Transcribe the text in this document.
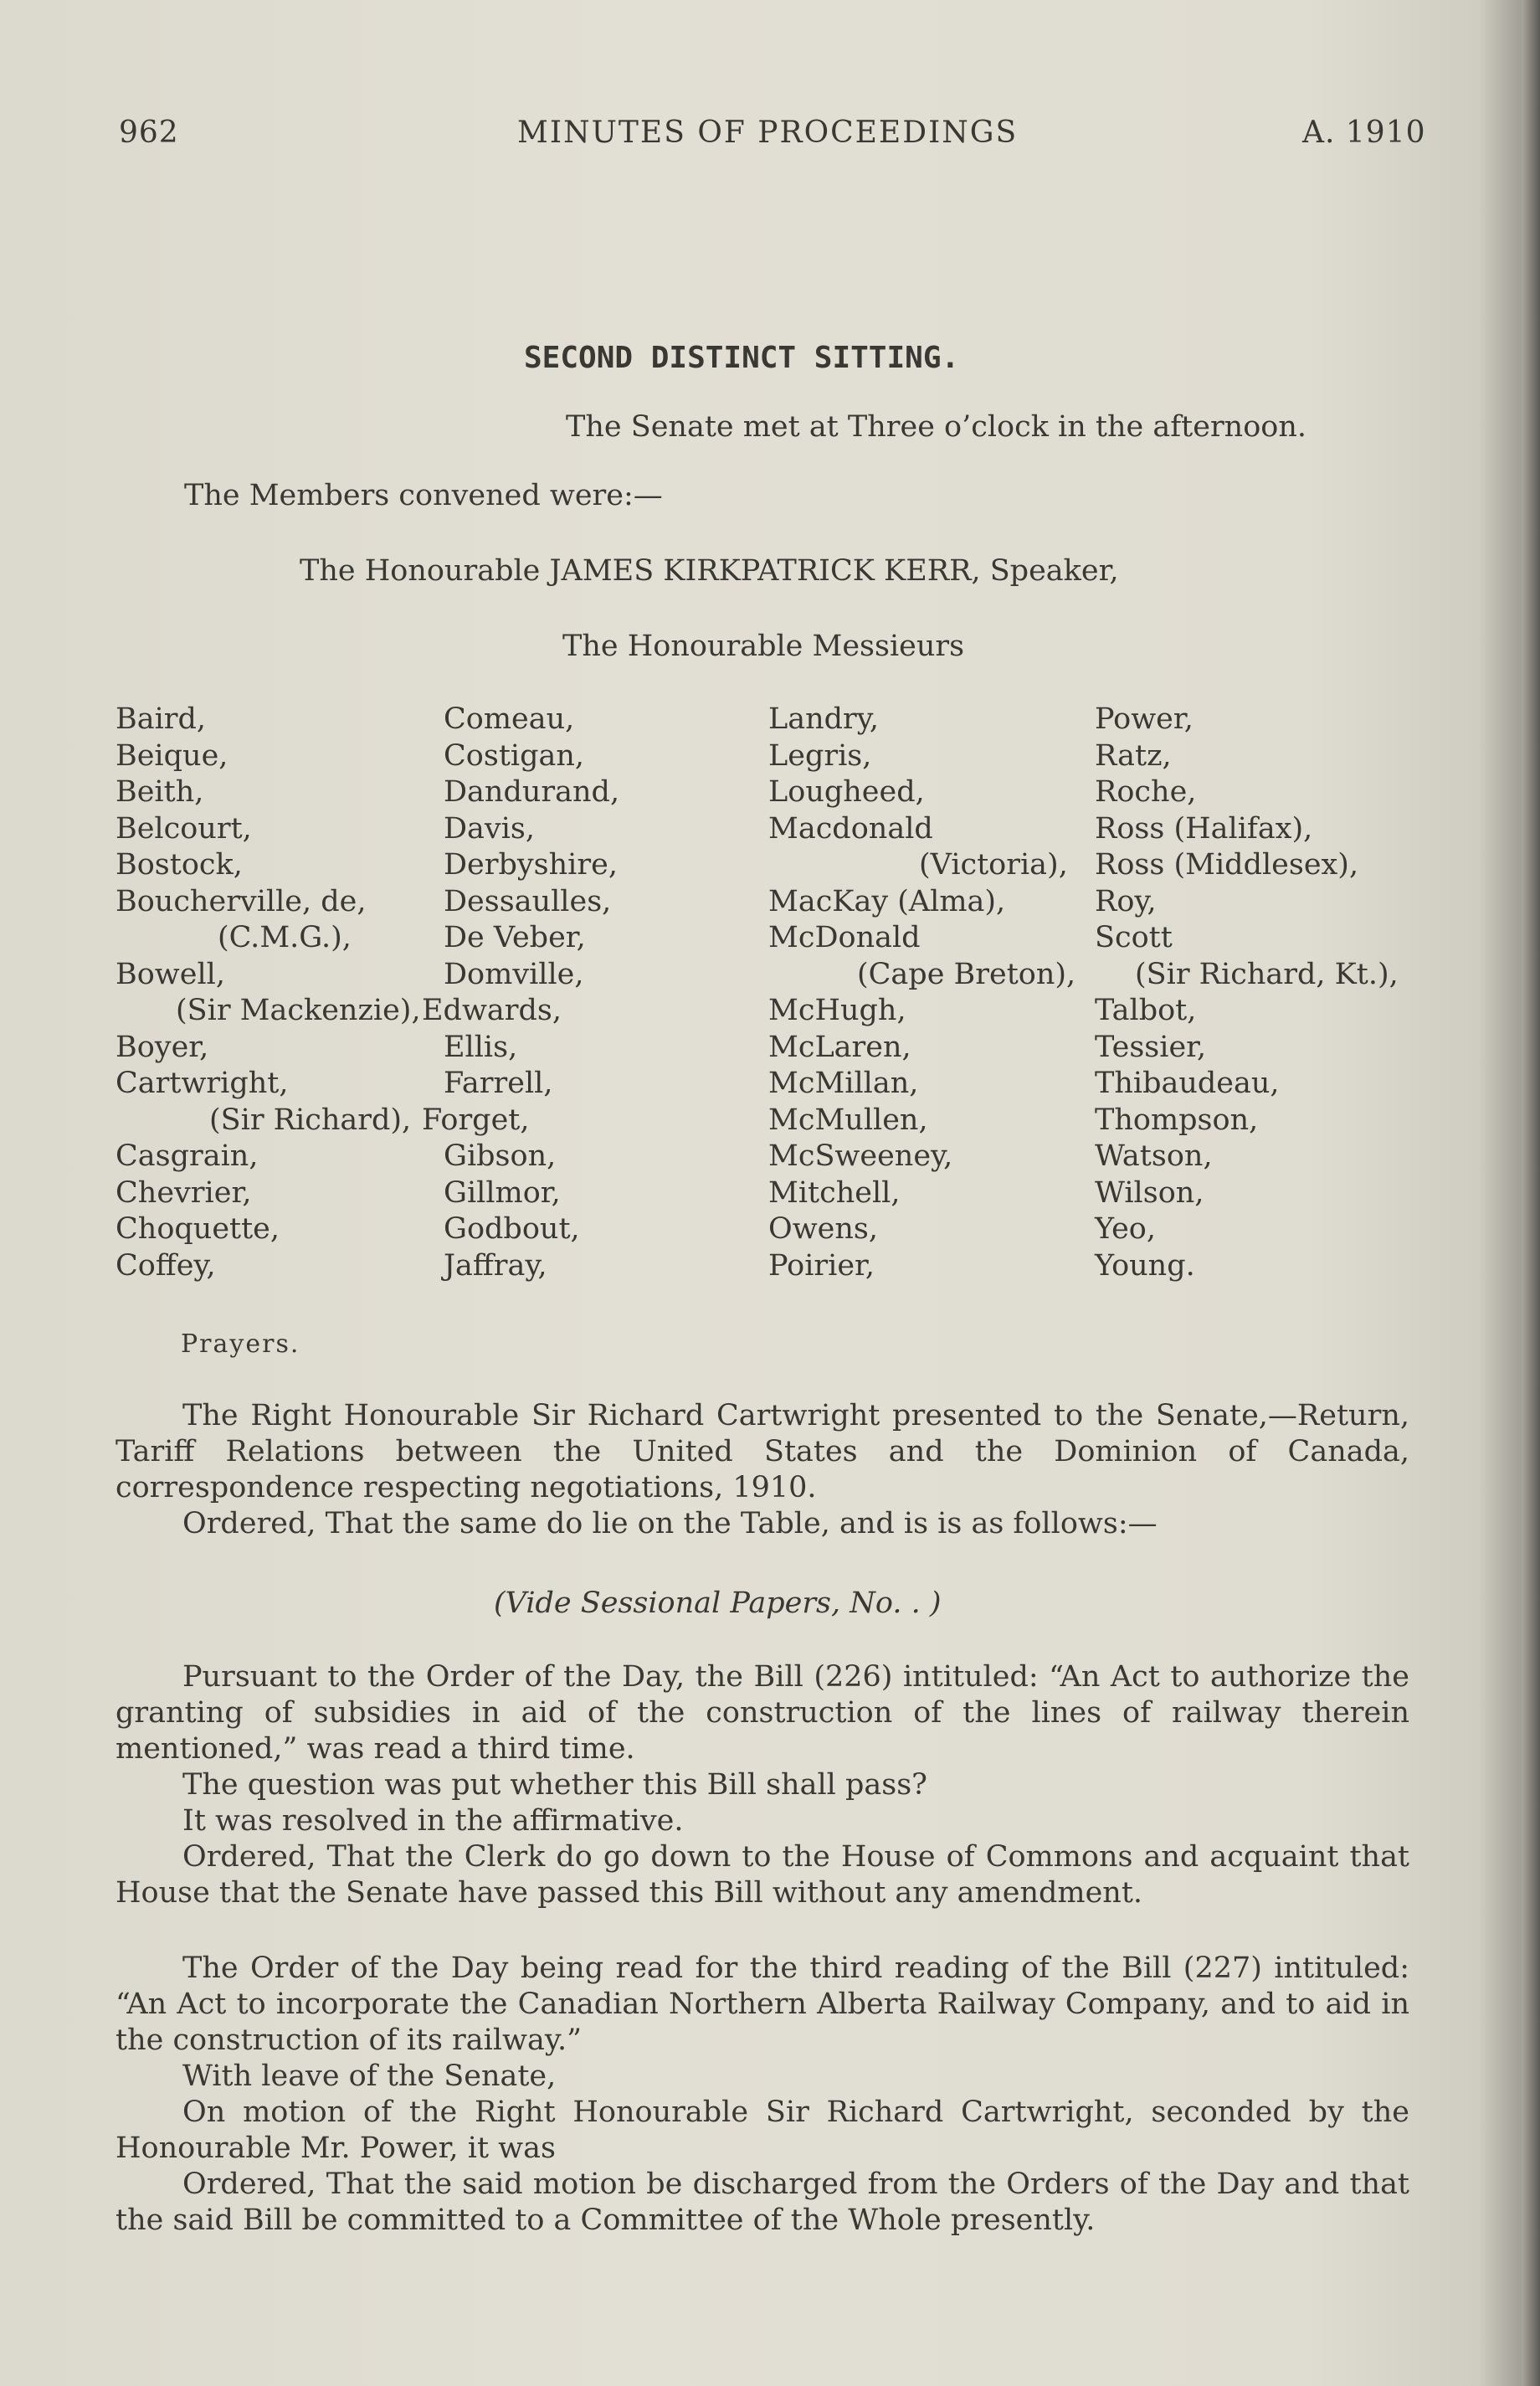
962	MINUTES OF PROCEEDINGS	A. 1910
SECOND DISTINCT SITTING.
The Senate met at Three o’clock in the afternoon.
The Members convened were:—
The Honourable JAMES KIRKPATRICK KERR, Speaker,
The Honourable Messieurs
Baird,
Beique,
Beith,
Belcourt,
Bostock,
Boucherville, de,
(C.M.G.),
Bowell,
(Sir Mackenzie),
Boyer,
Cartwright,
(Sir Richard),
Casgrain,
Chevrier,
Choquette,
Coffey,
Comeau,
Costigan,
Dandurand,
Davis,
Derbyshire,
Dessaulles,
De Veber,
Domville,
Edwards,
Ellis,
Farrell,
Forget,
Gibson,
Gillmor,
Godbout,
Jaffray,
Landry,
Legris,
Lougheed,
Macdonald
(Victoria),
MacKay (Alma),
McDonald
(Cape Breton),
McHugh,
McLaren,
McMillan,
McMullen,
McSweeney,
Mitchell,
Owens,
Poirier,
Power,
Ratz,
Roche,
Ross (Halifax),
Ross (Middlesex),
Roy,
Scott
(Sir Richard, Kt.),
Talbot,
Tessier,
Thibaudeau,
Thompson,
Watson,
Wilson,
Yeo,
Young.
Prayers.

The Right Honourable Sir Richard Cartwright presented to the Senate,—Return, Tariff Relations between the United States and the Dominion of Canada, correspondence respecting negotiations, 1910.

Ordered, That the same do lie on the Table, and is is as follows:—

(Vide Sessional Papers, No. . )

Pursuant to the Order of the Day, the Bill (226) intituled: “An Act to authorize the granting of subsidies in aid of the construction of the lines of railway therein mentioned,” was read a third time.

The question was put whether this Bill shall pass?

It was resolved in the affirmative.

Ordered, That the Clerk do go down to the House of Commons and acquaint that House that the Senate have passed this Bill without any amendment.

The Order of the Day being read for the third reading of the Bill (227) intituled: “An Act to incorporate the Canadian Northern Alberta Railway Company, and to aid in the construction of its railway.”

With leave of the Senate,

On motion of the Right Honourable Sir Richard Cartwright, seconded by the Honourable Mr. Power, it was

Ordered, That the said motion be discharged from the Orders of the Day and that the said Bill be committed to a Committee of the Whole presently.
